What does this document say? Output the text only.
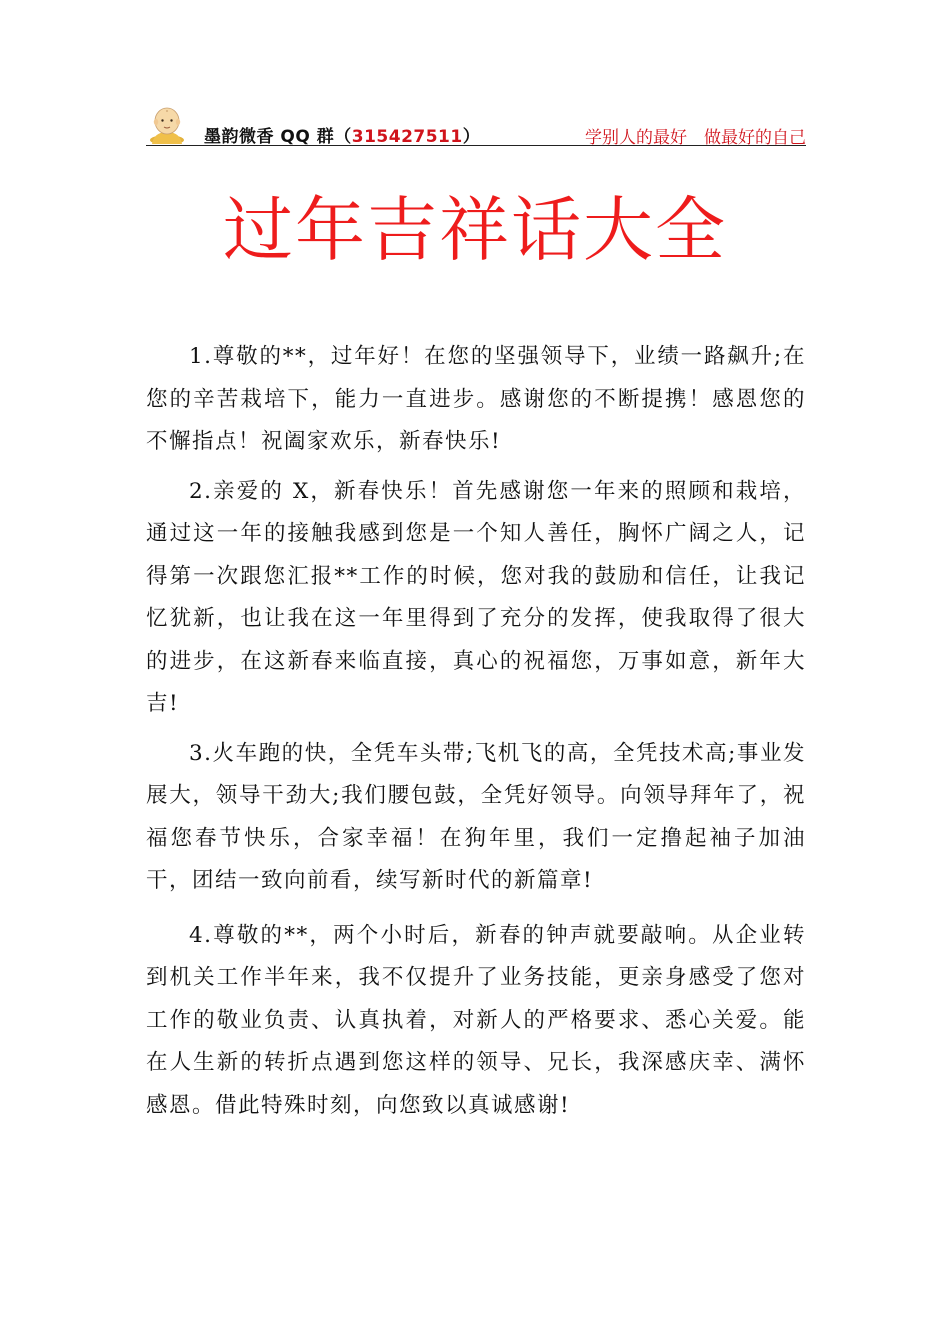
墨韵微香 QQ 群（315427511）	学别人的最好　做最好的自己
过年吉祥话大全

1.尊敬的**，过年好！在您的坚强领导下，业绩一路飙升;在您的辛苦栽培下，能力一直进步。感谢您的不断提携！感恩您的不懈指点！祝阖家欢乐，新春快乐!

2.亲爱的 X，新春快乐！首先感谢您一年来的照顾和栽培，通过这一年的接触我感到您是一个知人善任，胸怀广阔之人，记得第一次跟您汇报**工作的时候，您对我的鼓励和信任，让我记忆犹新，也让我在这一年里得到了充分的发挥，使我取得了很大的进步，在这新春来临直接，真心的祝福您，万事如意，新年大吉!

3.火车跑的快，全凭车头带;飞机飞的高，全凭技术高;事业发展大，领导干劲大;我们腰包鼓，全凭好领导。向领导拜年了，祝福您春节快乐，合家幸福！在狗年里，我们一定撸起袖子加油干，团结一致向前看，续写新时代的新篇章!

4.尊敬的**，两个小时后，新春的钟声就要敲响。从企业转到机关工作半年来，我不仅提升了业务技能，更亲身感受了您对工作的敬业负责、认真执着，对新人的严格要求、悉心关爱。能在人生新的转折点遇到您这样的领导、兄长，我深感庆幸、满怀感恩。借此特殊时刻，向您致以真诚感谢!
